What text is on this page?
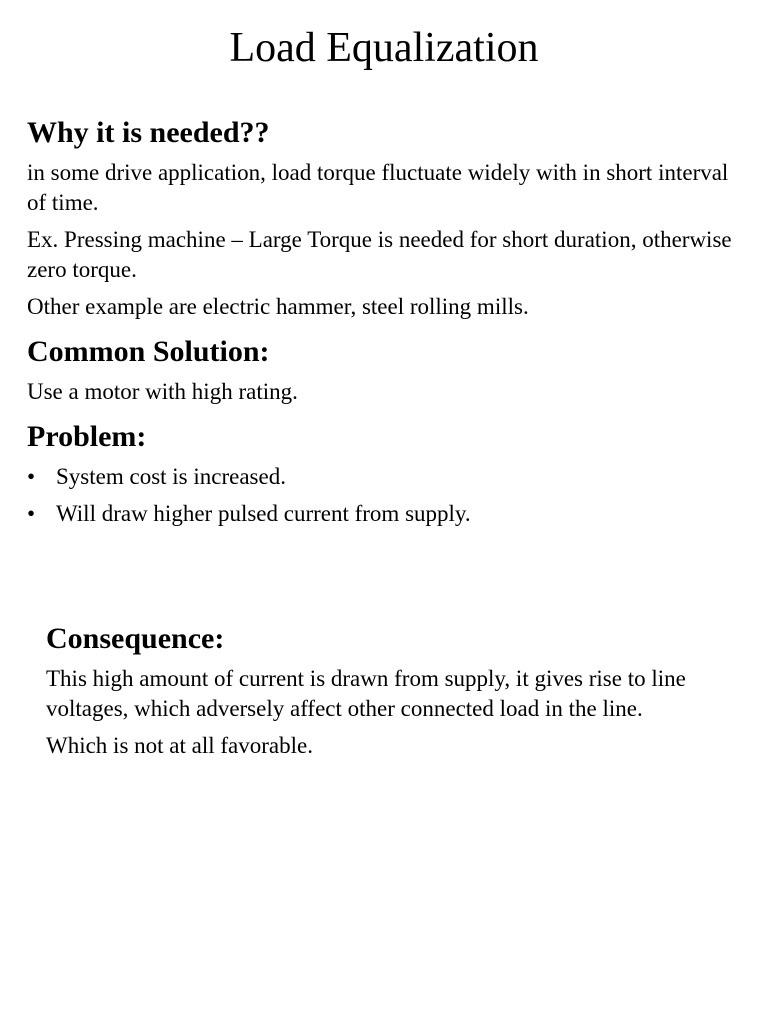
Load Equalization
Why it is needed??

in some drive application, load torque fluctuate widely with in short interval of time.

Ex. Pressing machine – Large Torque is needed for short duration, otherwise zero torque.

Other example are electric hammer, steel rolling mills.

Common Solution:

Use a motor with high rating.

Problem:
• System cost is increased.
• Will draw higher pulsed current from supply.
Consequence:

This high amount of current is drawn from supply, it gives rise to line voltages, which adversely affect other connected load in the line.

Which is not at all favorable.
